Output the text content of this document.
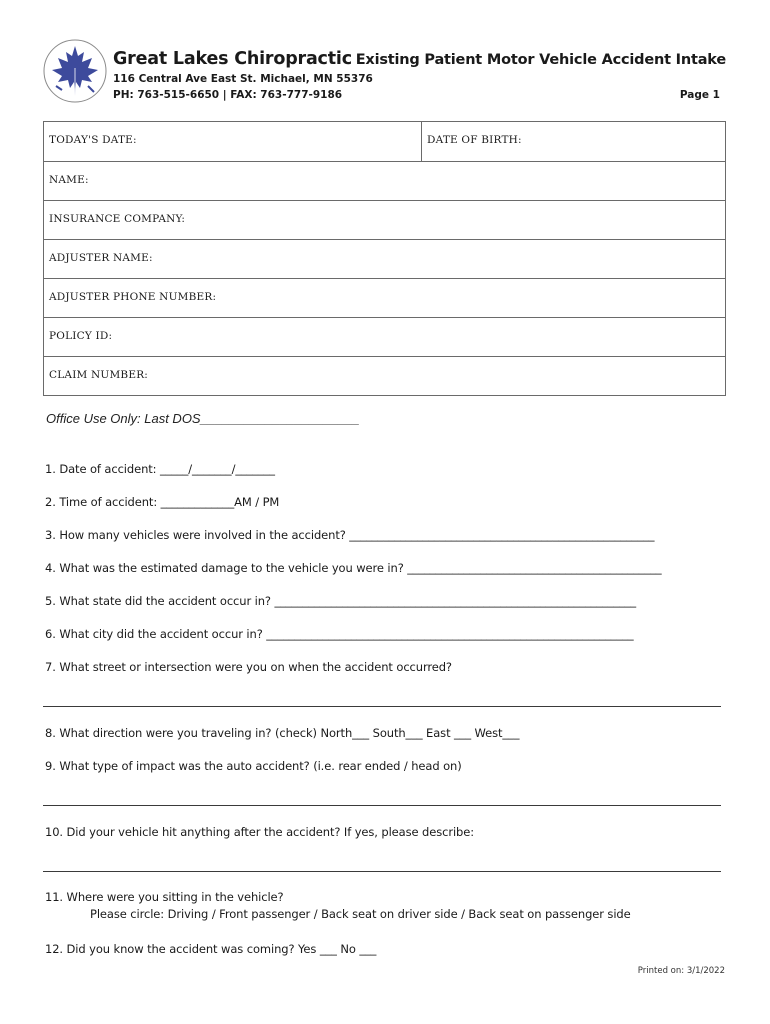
Great Lakes Chiropractic
116 Central Ave East St. Michael, MN 55376
PH: 763-515-6650 | FAX: 763-777-9186
Existing Patient Motor Vehicle Accident Intake
Page 1
TODAY'S DATE:	DATE OF BIRTH:
NAME:
INSURANCE COMPANY:
ADJUSTER NAME:
ADJUSTER PHONE NUMBER:
POLICY ID:
CLAIM NUMBER:
Office Use Only: Last DOS______________________
1. Date of accident: _____/_______/_______
2. Time of accident: _____________AM / PM
3. How many vehicles were involved in the accident? ______________________________________________________
4. What was the estimated damage to the vehicle you were in? _____________________________________________
5. What state did the accident occur in? ________________________________________________________________
6. What city did the accident occur in? _________________________________________________________________
7. What street or intersection were you on when the accident occurred?
8. What direction were you traveling in? (check) North___ South___ East ___ West___
9. What type of impact was the auto accident? (i.e. rear ended / head on)
10. Did your vehicle hit anything after the accident? If yes, please describe:
11. Where were you sitting in the vehicle?
Please circle: Driving / Front passenger / Back seat on driver side / Back seat on passenger side
12. Did you know the accident was coming? Yes ___ No ___
Printed on: 3/1/2022
